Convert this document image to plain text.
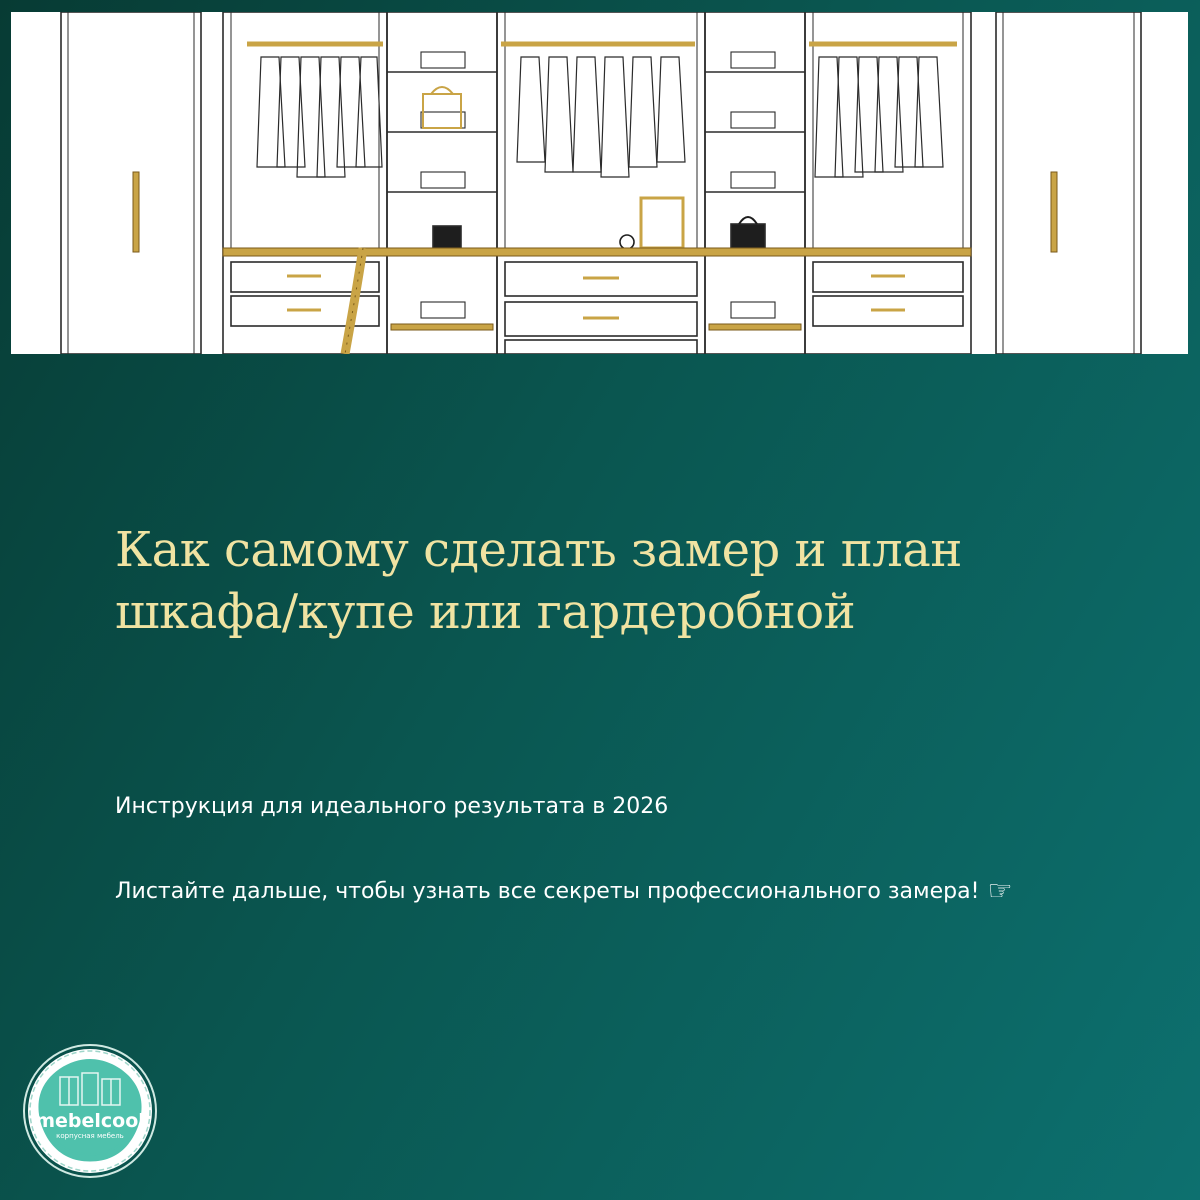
Как самому сделать замер и план шкафа/купе или гардеробной

Инструкция для идеального результата в 2026

Листайте дальше, чтобы узнать все секреты профессионального замера! ☞

mebelcool
корпусная мебель
